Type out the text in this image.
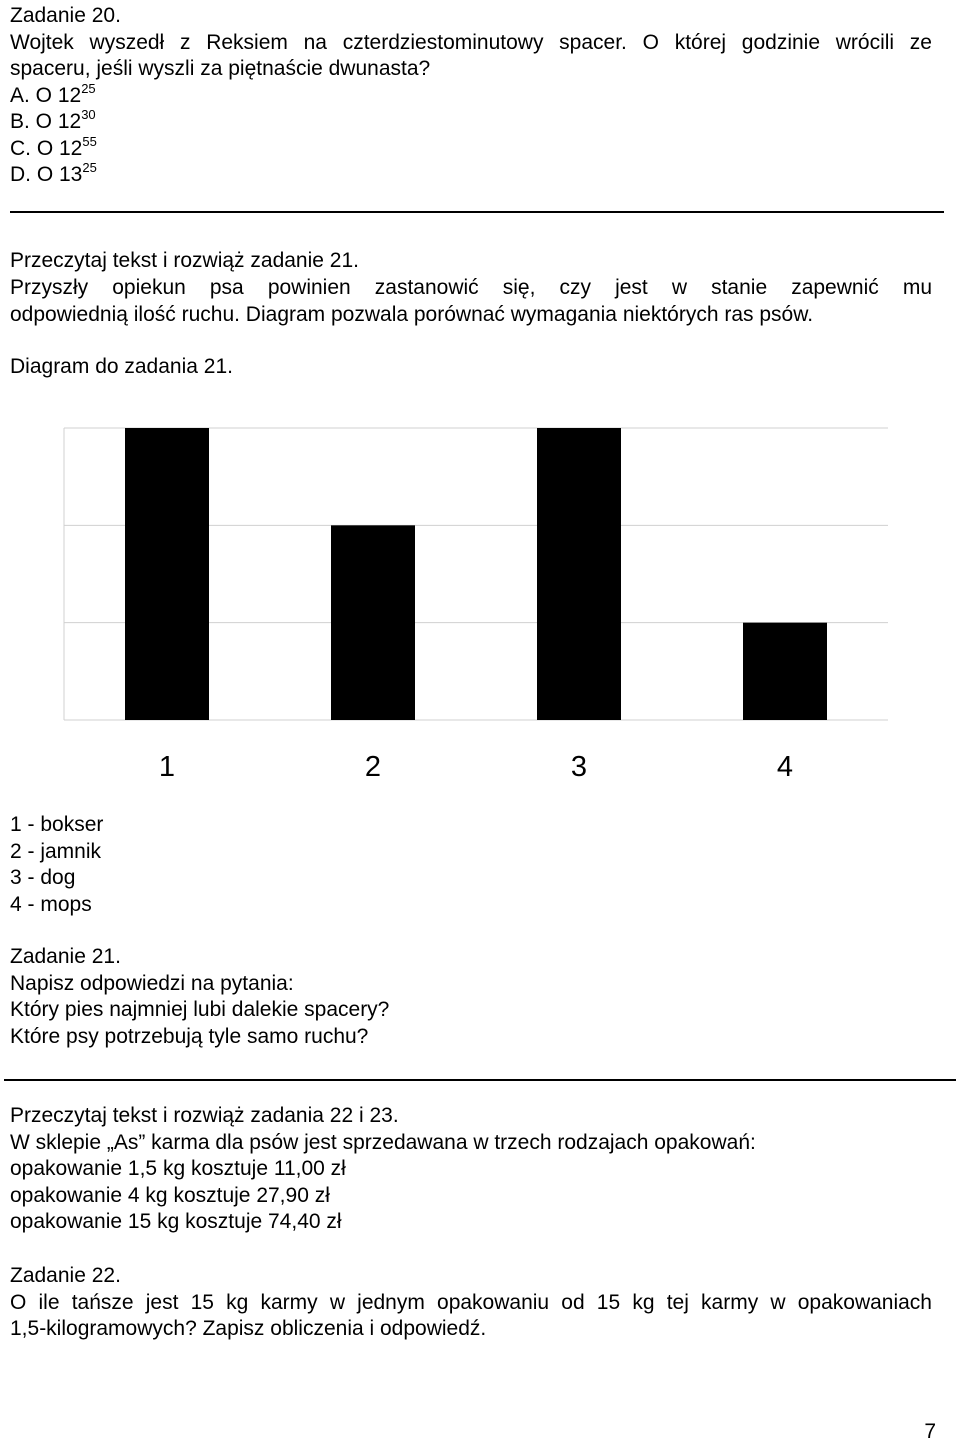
Zadanie 20.

Wojtek wyszedł z Reksiem na czterdziestominutowy spacer. O której godzinie wrócili ze

spaceru, jeśli wyszli za piętnaście dwunasta?

A. O $12^{25}$

B. O $12^{30}$

C. O $12^{55}$

D. O $13^{25}$

Przeczytaj tekst i rozwiąż zadanie 21.

Przyszły opiekun psa powinien zastanowić się, czy jest w stanie zapewnić mu

odpowiednią ilość ruchu. Diagram pozwala porównać wymagania niektórych ras psów.

Diagram do zadania 21.

1	2	3	4

1 - bokser

2 - jamnik

3 - dog

4 - mops

Zadanie 21.

Napisz odpowiedzi na pytania:

Który pies najmniej lubi dalekie spacery?

Które psy potrzebują tyle samo ruchu?

Przeczytaj tekst i rozwiąż zadania 22 i 23.

W sklepie „As” karma dla psów jest sprzedawana w trzech rodzajach opakowań:

opakowanie 1,5 kg kosztuje 11,00 zł

opakowanie 4 kg kosztuje 27,90 zł

opakowanie 15 kg kosztuje 74,40 zł

Zadanie 22.

O ile tańsze jest 15 kg karmy w jednym opakowaniu od 15 kg tej karmy w opakowaniach

1,5-kilogramowych? Zapisz obliczenia i odpowiedź.

7
